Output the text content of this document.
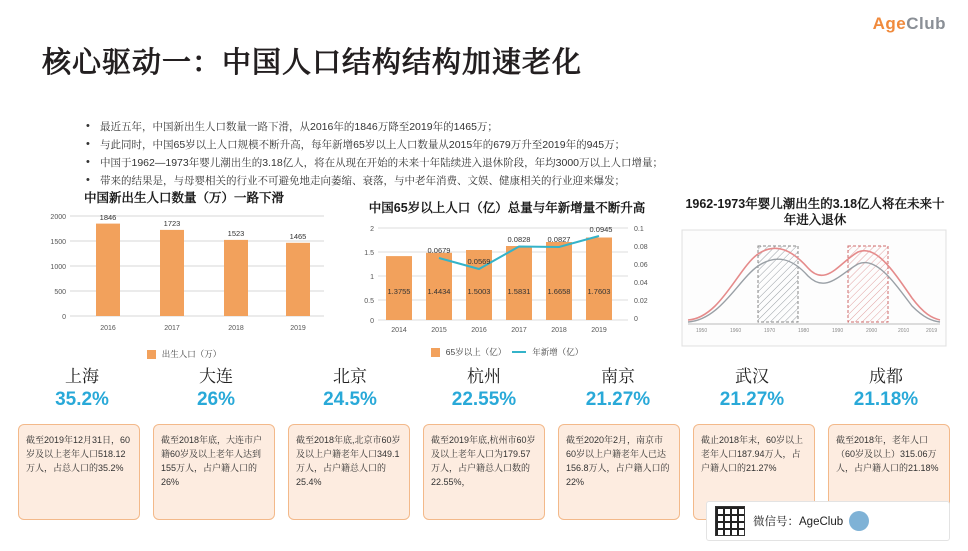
AgeClub
核心驱动一：中国人口结构结构加速老化
• 最近五年，中国新出生人口数量一路下滑，从2016年的1846万降至2019年的1465万；
• 与此同时，中国65岁以上人口规模不断升高，每年新增65岁以上人口数量从2015年的679万升至2019年的945万；
• 中国于1962—1973年婴儿潮出生的3.18亿人，将在从现在开始的未来十年陆续进入退休阶段，年均3000万以上人口增量；
• 带来的结果是，与母婴相关的行业不可避免地走向萎缩、衰落，与中老年消费、文娱、健康相关的行业迎来爆发；
中国新出生人口数量（万）一路下滑
2000
1500
1000
500
0
1846
1723
1523	1465
2016	2017	2018	2019
出生人口（万）
中国65岁以上人口（亿）总量与年新增量不断升高
2
1.5
1
0.5
0
0.1
0.08
0.06
0.04
0.02
0
1.3755 1.4434 1.5003 1.5831 1.6658 1.7603
0.0679
0.0569
0.0828 0.0827
0.0945
2014	2015	2016	2017	2018	2019
65岁以上（亿）	年新增（亿）
1962-1973年婴儿潮出生的3.18亿人将在未来十年进入退休
1950	1960	1970	1980	1990	2000	2010	2019
上海
35.2%
大连
26%
北京
24.5%
杭州
22.55%
南京
21.27%
武汉
21.27%
成都
21.18%
截至2019年12月31日，60岁及以上老年人口518.12万人，占总人口的35.2%
截至2018年底，大连市户籍60岁及以上老年人达到155万人，占户籍人口的26%
截至2018年底,北京市60岁及以上户籍老年人口349.1万人，占户籍总人口的25.4%
截至2019年底,杭州市60岁及以上老年人口为179.57万人，占户籍总人口数的22.55%，
截至2020年2月，南京市60岁以上户籍老年人已达156.8万人，占户籍人口的22%
截止2018年末，60岁以上老年人口187.94万人，占户籍人口的21.27%
截至2018年，老年人口（60岁及以上）315.06万人，占户籍人口的21.18%
微信号：AgeClub
